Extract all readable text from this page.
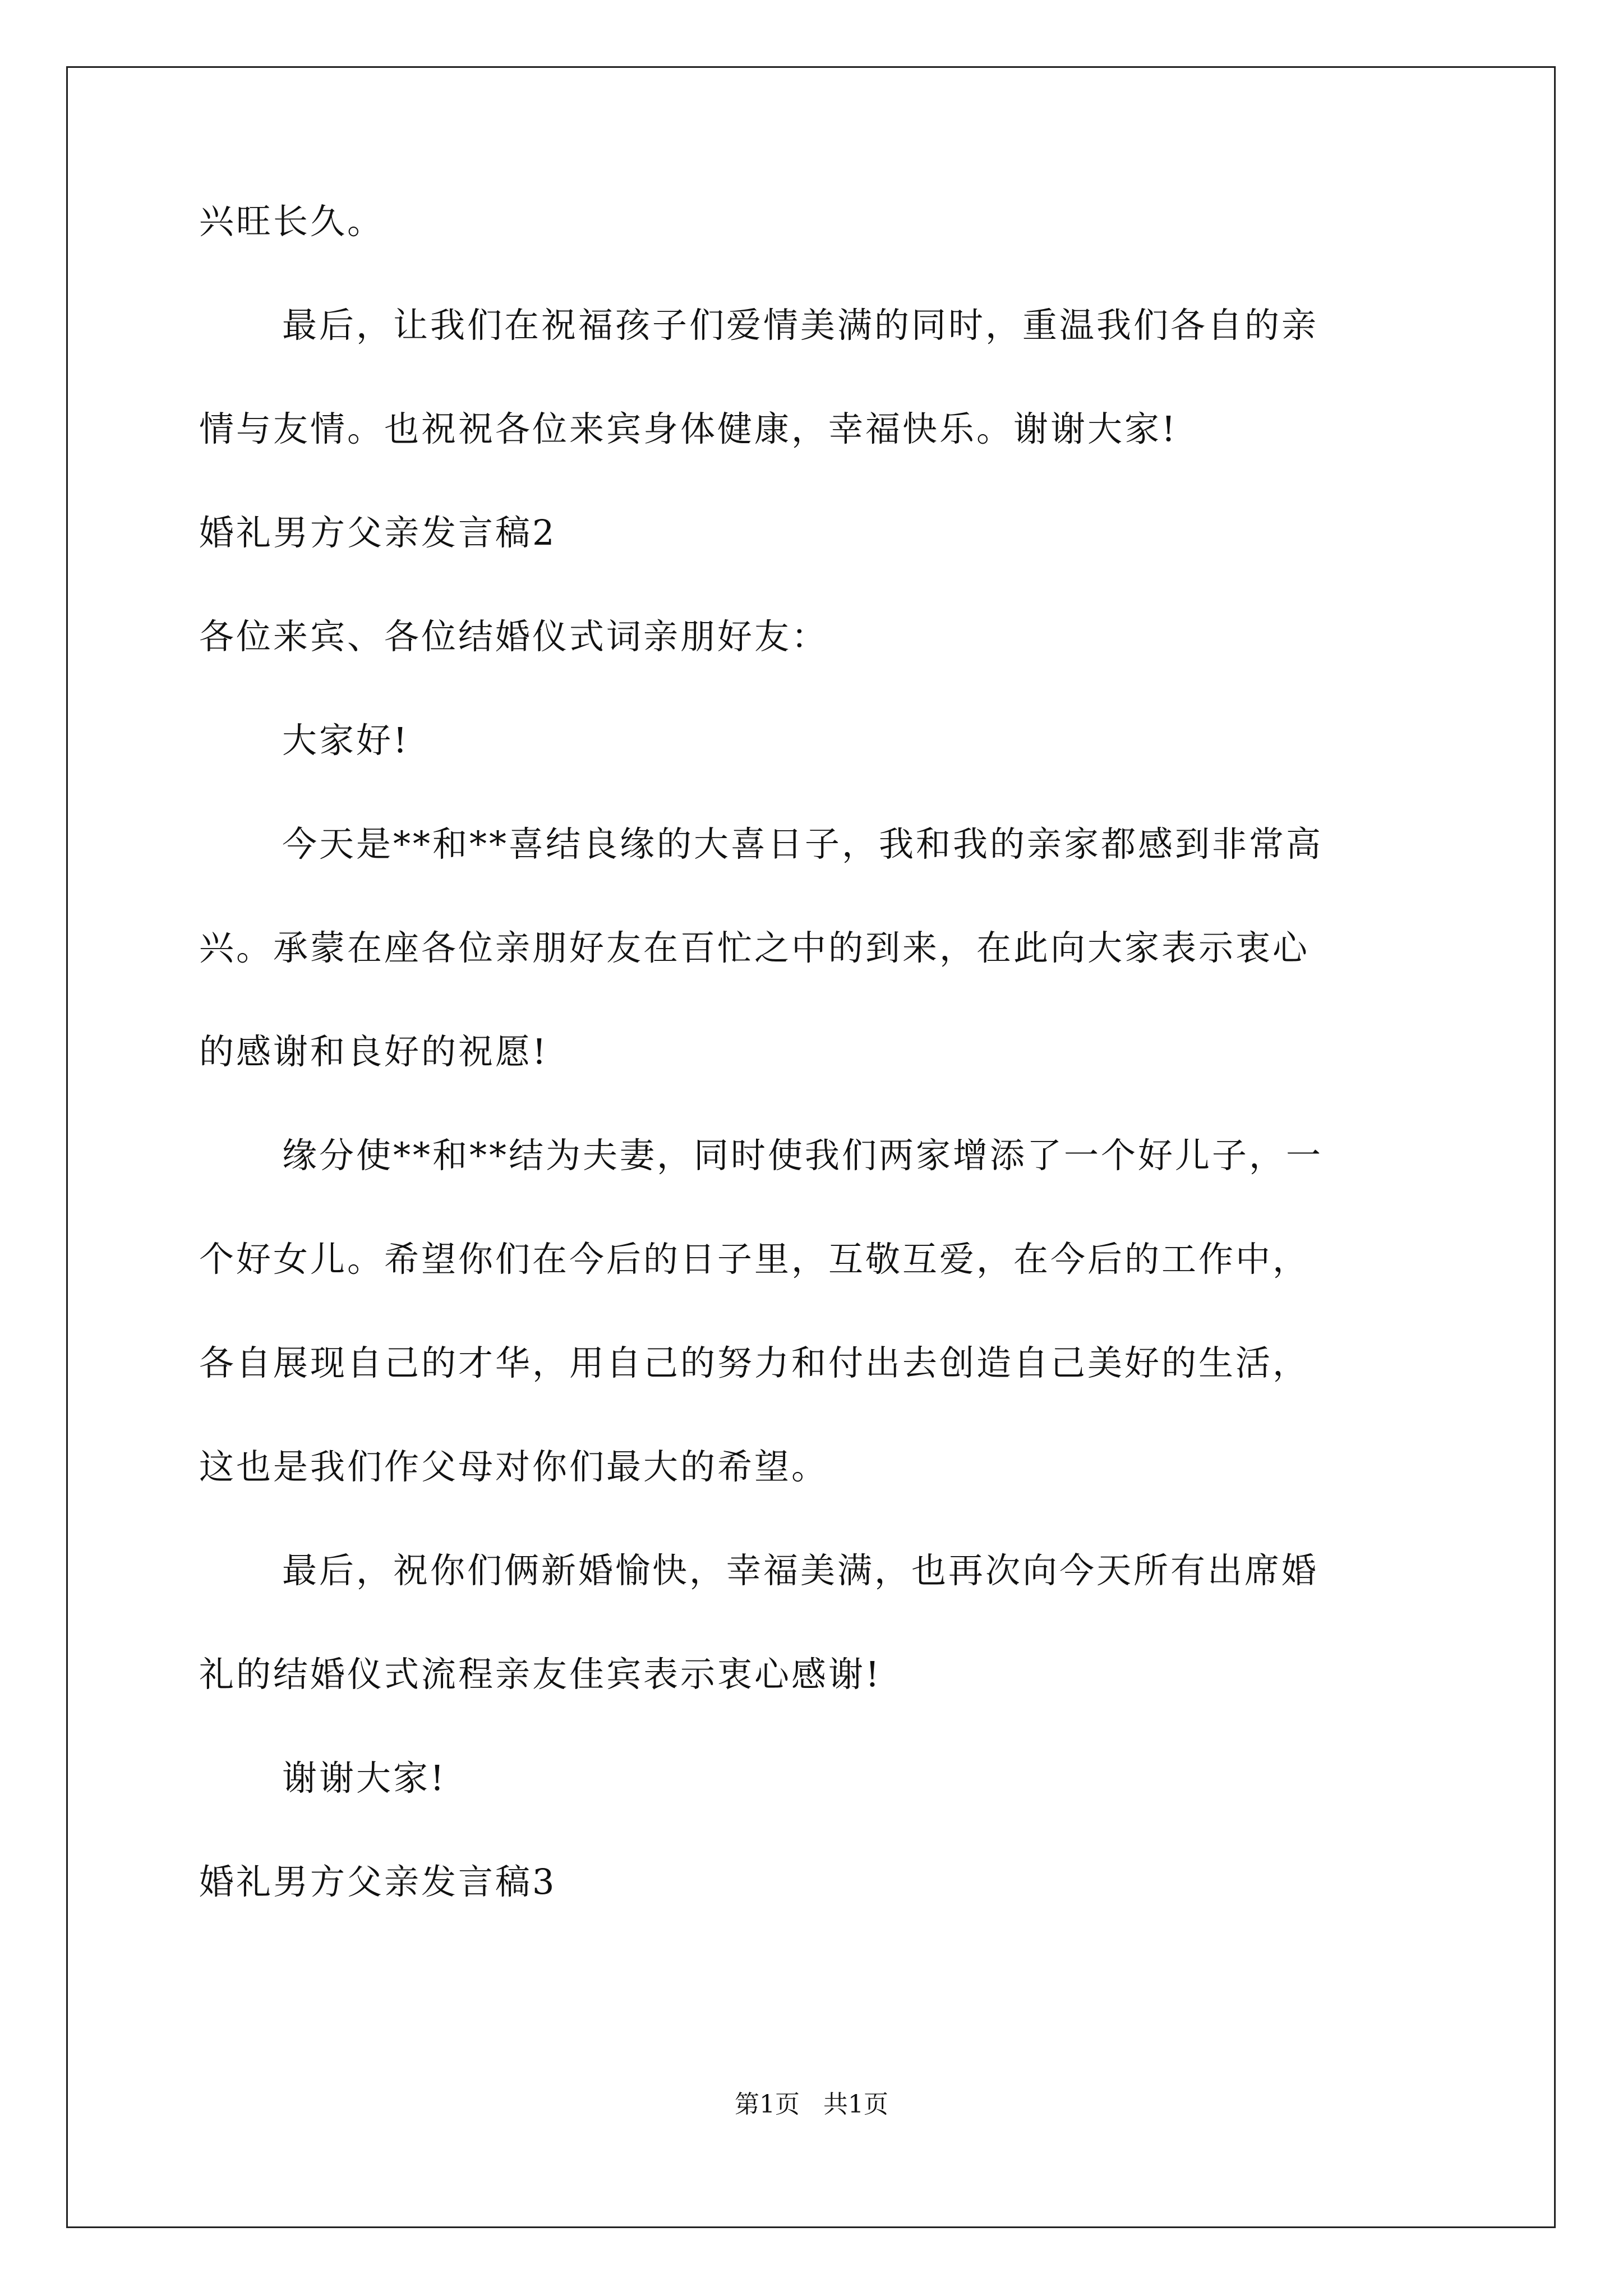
兴旺长久。
最后，让我们在祝福孩子们爱情美满的同时，重温我们各自的亲
情与友情。也祝祝各位来宾身体健康，幸福快乐。谢谢大家!
婚礼男方父亲发言稿2
各位来宾、各位结婚仪式词亲朋好友：
大家好!
今天是**和**喜结良缘的大喜日子，我和我的亲家都感到非常高
兴。承蒙在座各位亲朋好友在百忙之中的到来，在此向大家表示衷心
的感谢和良好的祝愿!
缘分使**和**结为夫妻，同时使我们两家增添了一个好儿子，一
个好女儿。希望你们在今后的日子里，互敬互爱，在今后的工作中，
各自展现自己的才华，用自己的努力和付出去创造自己美好的生活，
这也是我们作父母对你们最大的希望。
最后，祝你们俩新婚愉快，幸福美满，也再次向今天所有出席婚
礼的结婚仪式流程亲友佳宾表示衷心感谢!
谢谢大家!
婚礼男方父亲发言稿3
第1页   共1页
